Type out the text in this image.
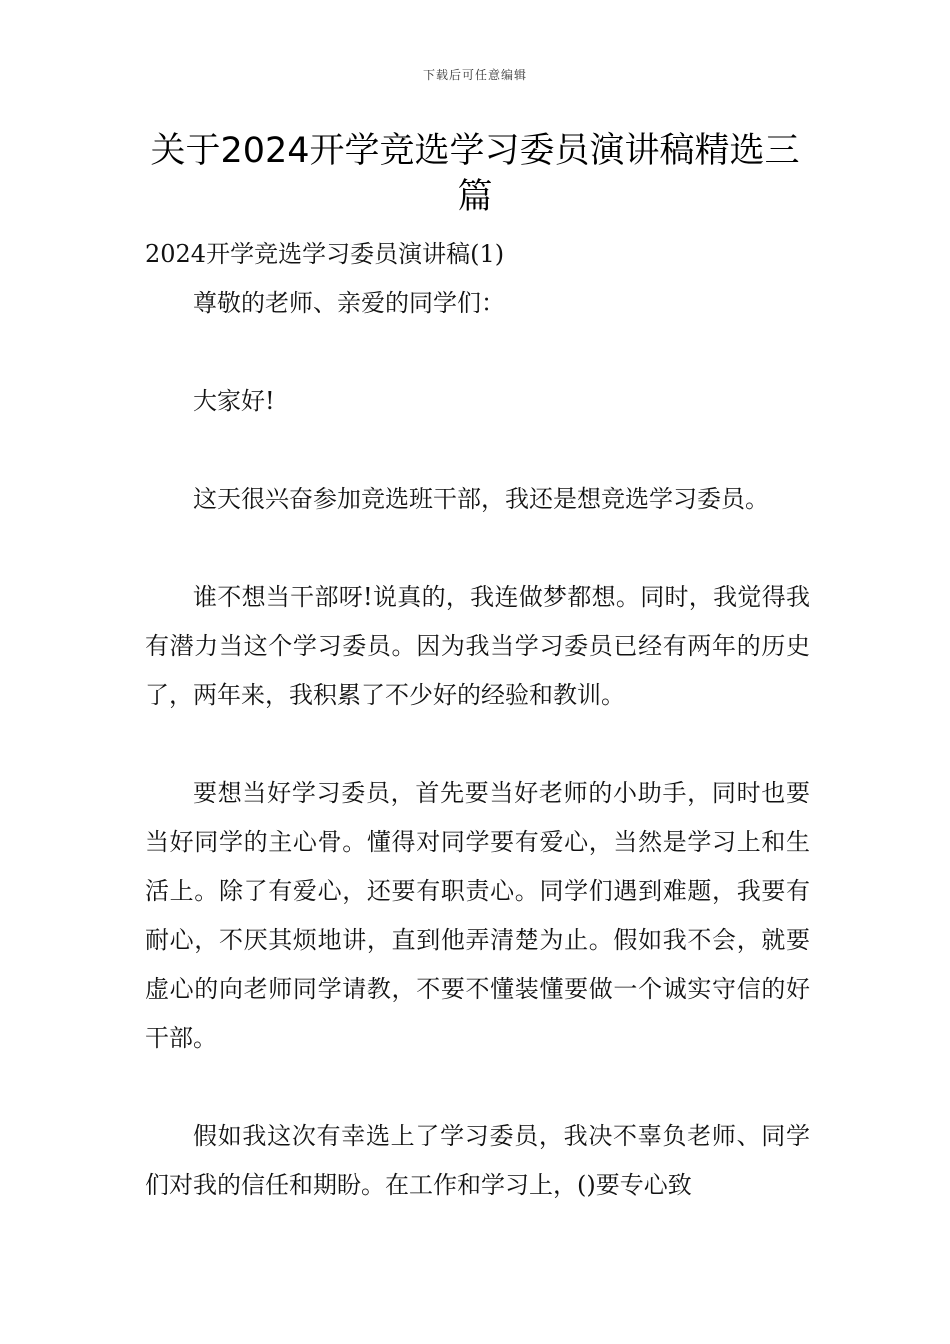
下载后可任意编辑
关于2024开学竞选学习委员演讲稿精选三篇

2024开学竞选学习委员演讲稿(1)

尊敬的老师、亲爱的同学们：

大家好!

这天很兴奋参加竞选班干部，我还是想竞选学习委员。

谁不想当干部呀!说真的，我连做梦都想。同时，我觉得我有潜力当这个学习委员。因为我当学习委员已经有两年的历史了，两年来，我积累了不少好的经验和教训。

要想当好学习委员，首先要当好老师的小助手，同时也要当好同学的主心骨。懂得对同学要有爱心，当然是学习上和生活上。除了有爱心，还要有职责心。同学们遇到难题，我要有耐心，不厌其烦地讲，直到他弄清楚为止。假如我不会，就要虚心的向老师同学请教，不要不懂装懂要做一个诚实守信的好干部。

假如我这次有幸选上了学习委员，我决不辜负老师、同学们对我的信任和期盼。在工作和学习上，()要专心致
